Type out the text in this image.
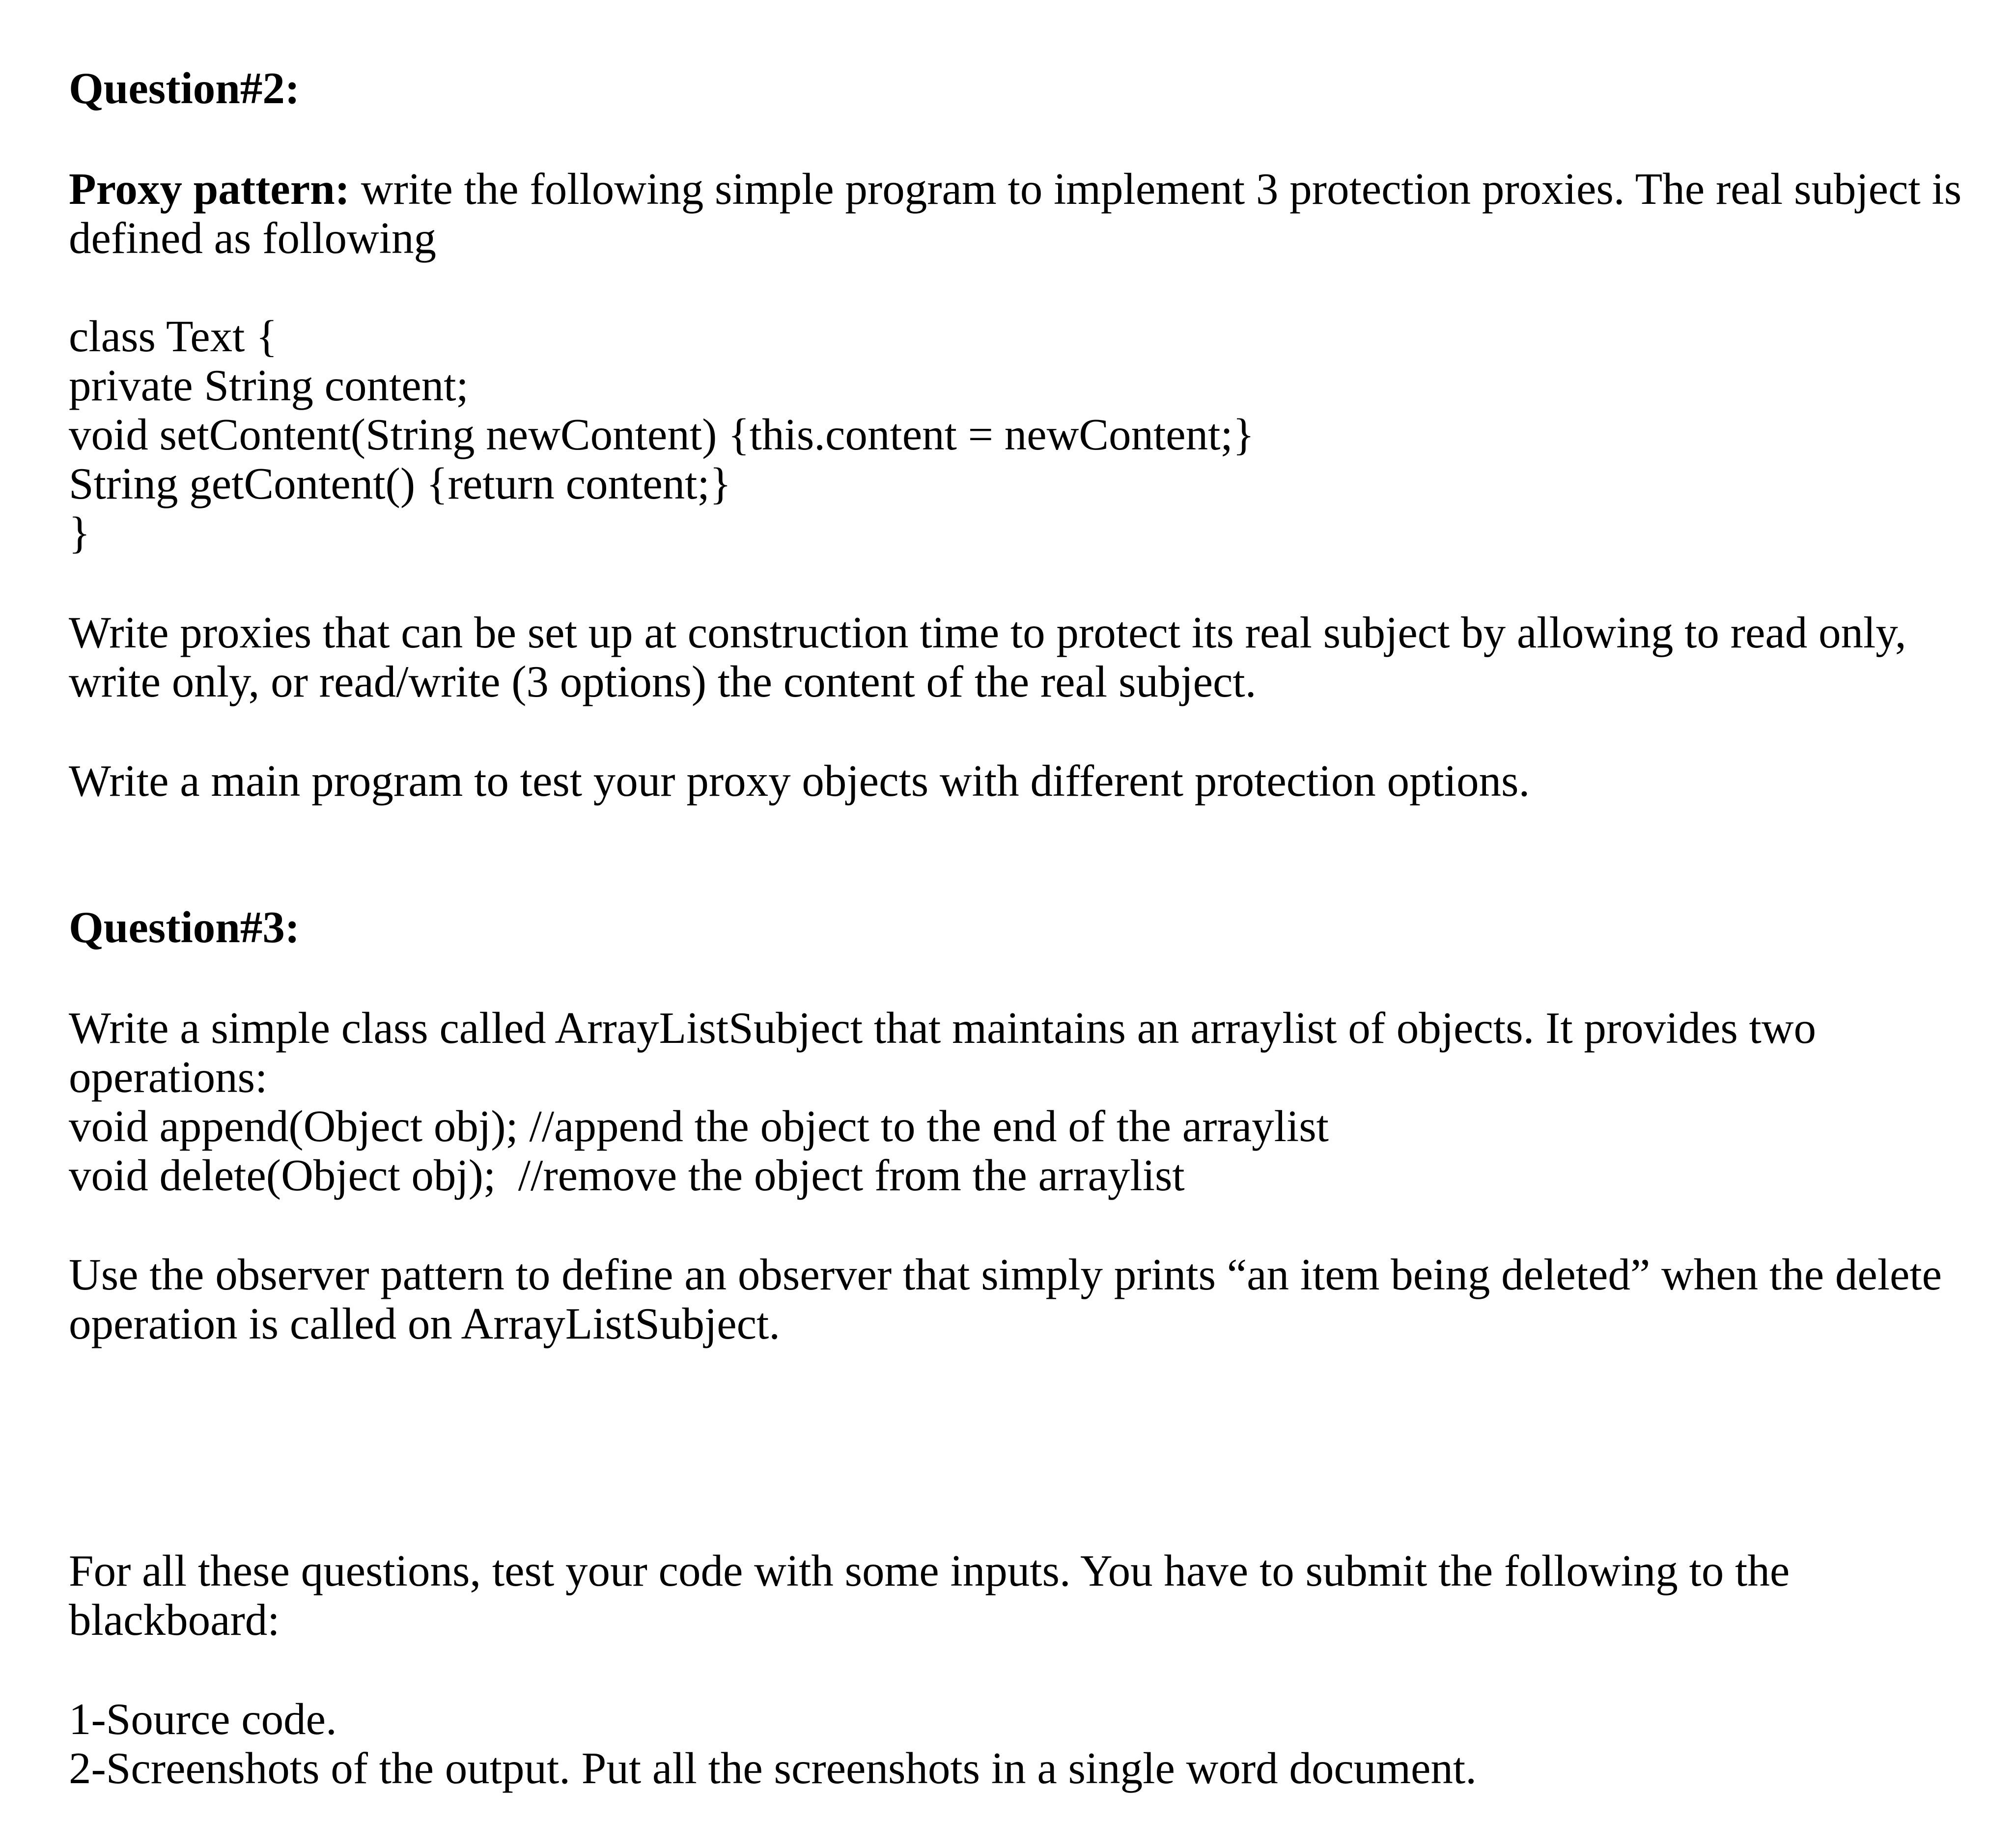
Question#2:
Proxy pattern: write the following simple program to implement 3 protection proxies. The real subject is
defined as following
class Text {
private String content;
void setContent(String newContent) {this.content = newContent;}
String getContent() {return content;}
}
Write proxies that can be set up at construction time to protect its real subject by allowing to read only,
write only, or read/write (3 options) the content of the real subject.
Write a main program to test your proxy objects with different protection options.
Question#3:
Write a simple class called ArrayListSubject that maintains an arraylist of objects. It provides two
operations:
void append(Object obj); //append the object to the end of the arraylist
void delete(Object obj);  //remove the object from the arraylist
Use the observer pattern to define an observer that simply prints “an item being deleted” when the delete
operation is called on ArrayListSubject.
For all these questions, test your code with some inputs. You have to submit the following to the
blackboard:
1-Source code.
2-Screenshots of the output. Put all the screenshots in a single word document.
